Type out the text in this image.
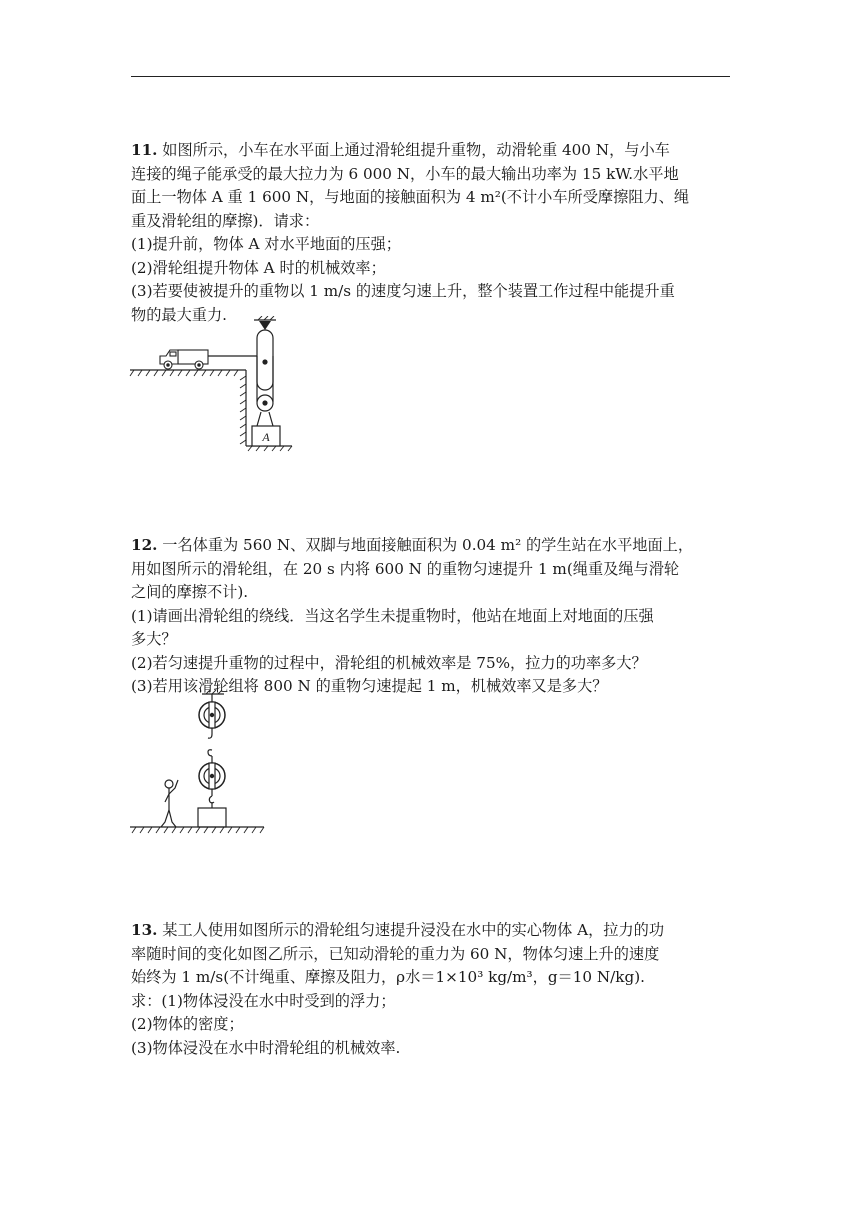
11. 如图所示，小车在水平面上通过滑轮组提升重物，动滑轮重 400 N，与小车
连接的绳子能承受的最大拉力为 6 000 N，小车的最大输出功率为 15 kW.水平地
面上一物体 A 重 1 600 N，与地面的接触面积为 4 m²(不计小车所受摩擦阻力、绳
重及滑轮组的摩擦)．请求：
(1)提升前，物体 A 对水平地面的压强；
(2)滑轮组提升物体 A 时的机械效率；
(3)若要使被提升的重物以 1 m/s 的速度匀速上升，整个装置工作过程中能提升重
物的最大重力.
A
12. 一名体重为 560 N、双脚与地面接触面积为 0.04 m² 的学生站在水平地面上，
用如图所示的滑轮组，在 20 s 内将 600 N 的重物匀速提升 1 m(绳重及绳与滑轮
之间的摩擦不计).
(1)请画出滑轮组的绕线．当这名学生未提重物时，他站在地面上对地面的压强
多大？
(2)若匀速提升重物的过程中，滑轮组的机械效率是 75%，拉力的功率多大？
(3)若用该滑轮组将 800 N 的重物匀速提起 1 m，机械效率又是多大？
13. 某工人使用如图所示的滑轮组匀速提升浸没在水中的实心物体 A，拉力的功
率随时间的变化如图乙所示，已知动滑轮的重力为 60 N，物体匀速上升的速度
始终为 1 m/s(不计绳重、摩擦及阻力，ρ水＝1×10³ kg/m³，g＝10 N/kg).
求：(1)物体浸没在水中时受到的浮力；
(2)物体的密度；
(3)物体浸没在水中时滑轮组的机械效率.
